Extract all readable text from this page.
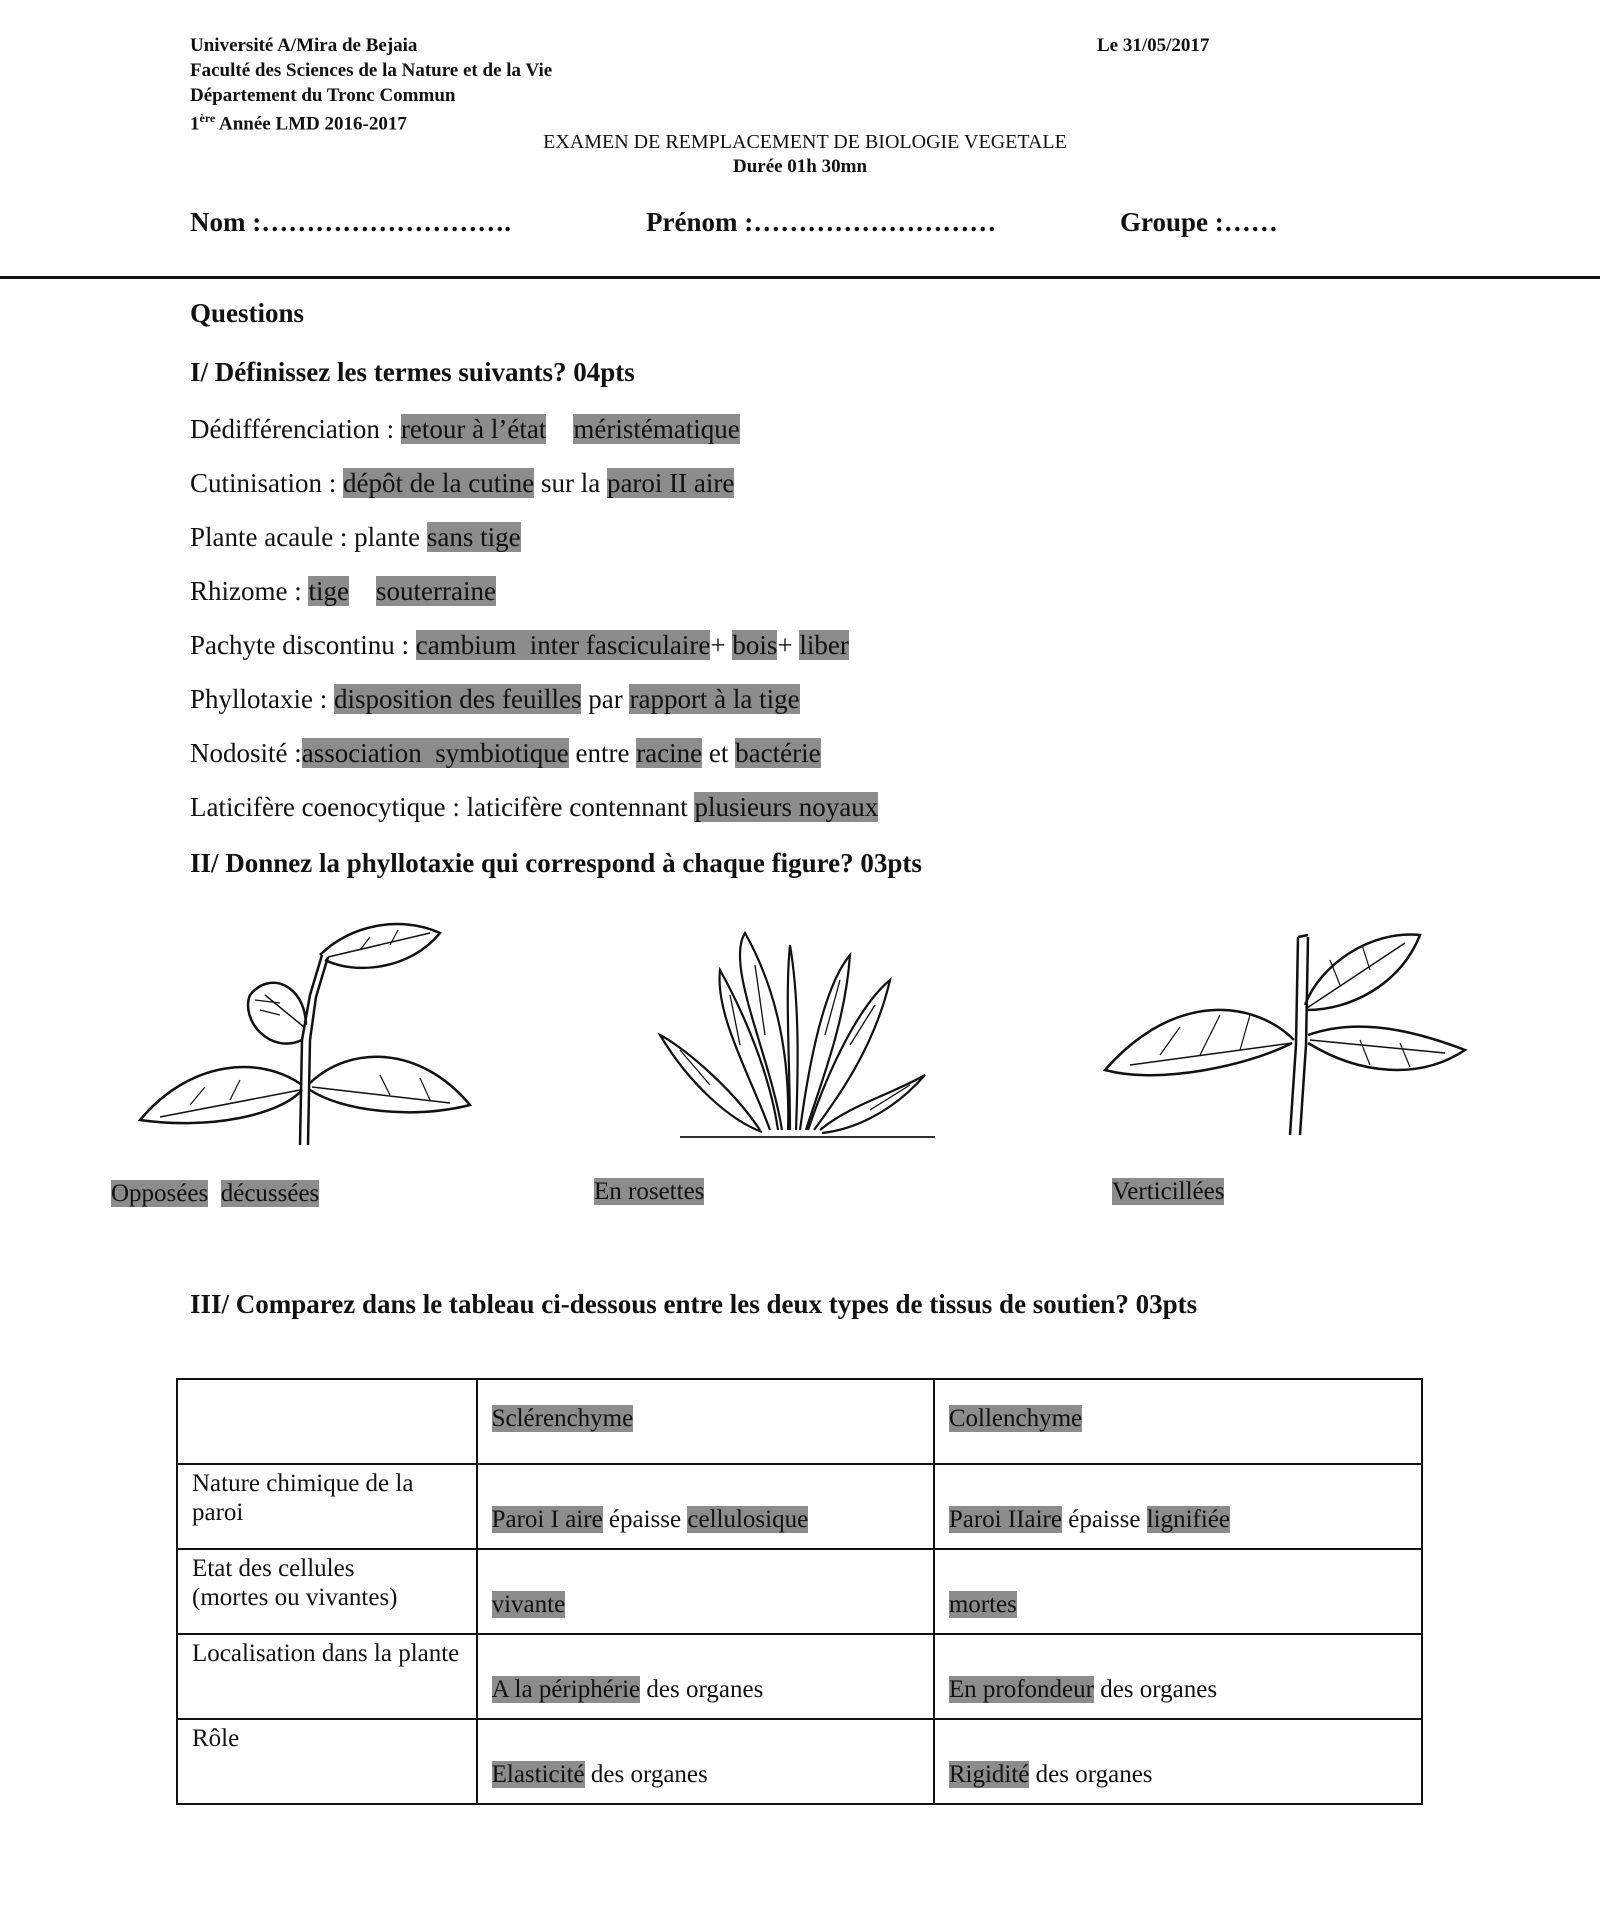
Université A/Mira de Bejaia	Le 31/05/2017
Faculté des Sciences de la Nature et de la Vie
Département du Tronc Commun
1ère Année LMD 2016-2017
EXAMEN DE REMPLACEMENT DE BIOLOGIE VEGETALE
Durée 01h 30mn
Nom :……………………….	Prénom :………………………	Groupe :……
Questions
I/ Définissez les termes suivants? 04pts
Dédifférenciation : retour à l’état méristématique
Cutinisation : dépôt de la cutine sur la paroi II aire
Plante acaule : plante sans tige
Rhizome : tige souterraine
Pachyte discontinu : cambium  inter fasciculaire+ bois+ liber
Phyllotaxie : disposition des feuilles par rapport à la tige
Nodosité :association  symbiotique entre racine et bactérie
Laticifère coenocytique : laticifère contennant plusieurs noyaux
II/ Donnez la phyllotaxie qui correspond à chaque figure? 03pts
Opposées décussées	En rosettes	Verticillées
III/ Comparez dans le tableau ci-dessous entre les deux types de tissus de soutien? 03pts

	Sclérenchyme	Collenchyme

Nature chimique de la paroi	Paroi I aire épaisse cellulosique	Paroi IIaire épaisse lignifiée

Etat des cellules
(mortes ou vivantes)	vivante	mortes

Localisation dans la plante	A la périphérie des organes	En profondeur des organes

Rôle	Elasticité des organes	Rigidité des organes
